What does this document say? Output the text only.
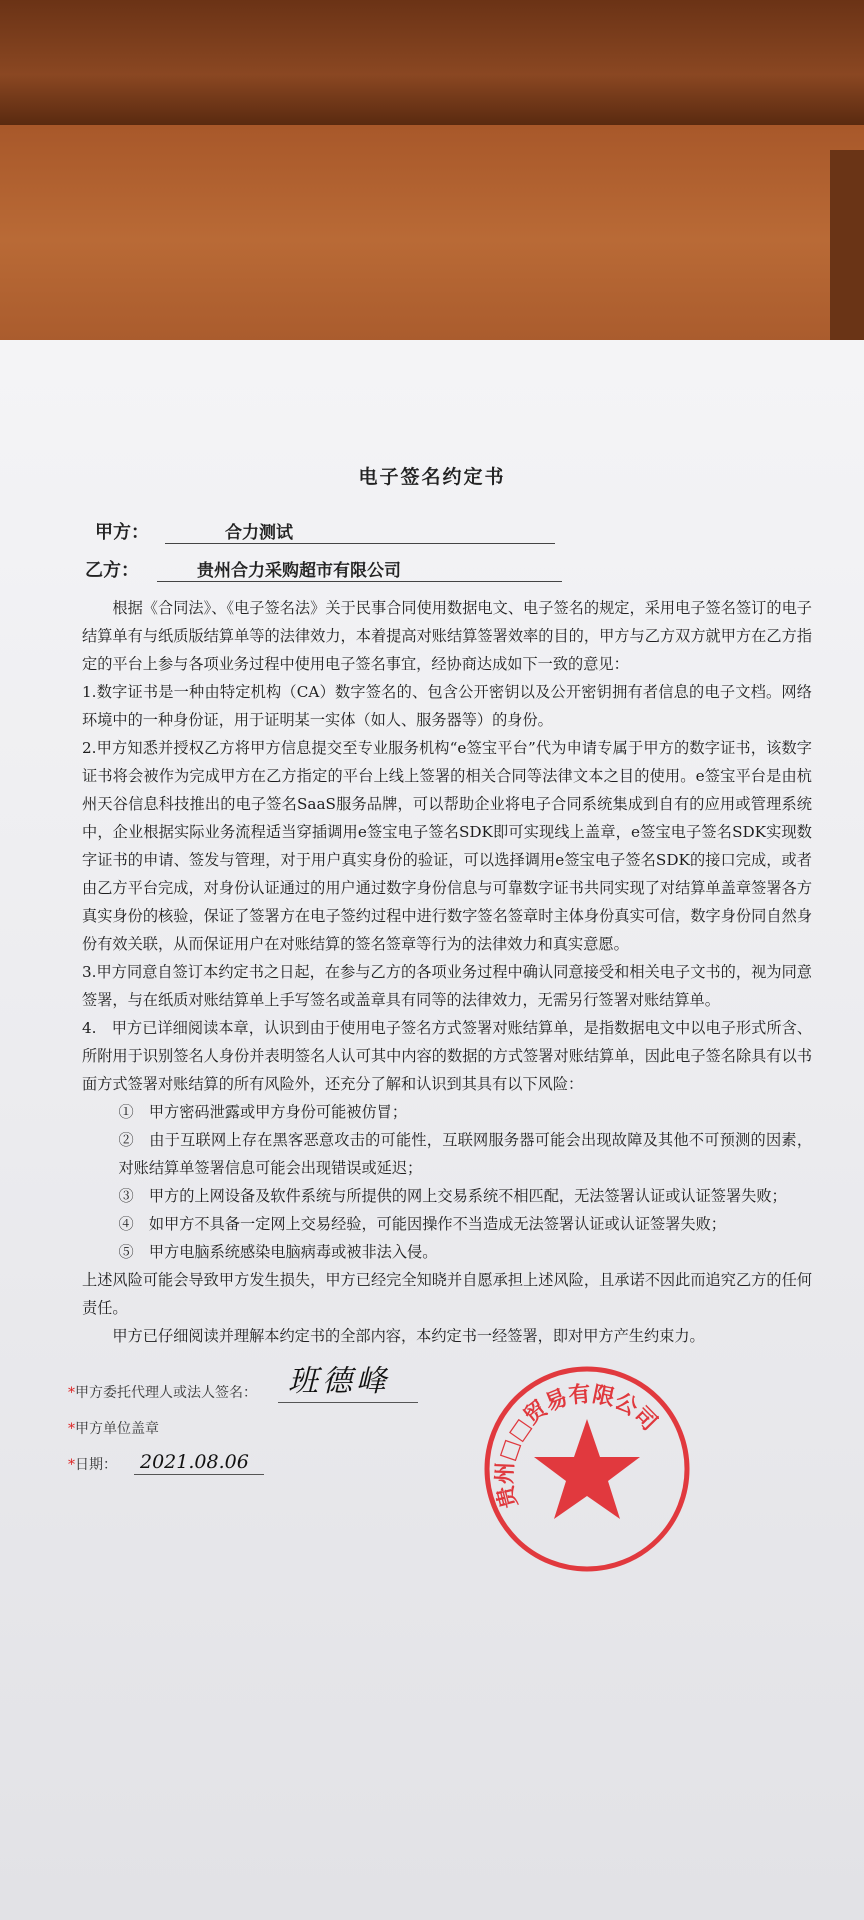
电子签名约定书
甲方：	合力测试
乙方：	贵州合力采购超市有限公司

根据《合同法》、《电子签名法》关于民事合同使用数据电文、电子签名的规定，采用电子签名签订的电子结算单有与纸质版结算单等的法律效力，本着提高对账结算签署效率的目的，甲方与乙方双方就甲方在乙方指定的平台上参与各项业务过程中使用电子签名事宜，经协商达成如下一致的意见：

1.数字证书是一种由特定机构（CA）数字签名的、包含公开密钥以及公开密钥拥有者信息的电子文档。网络环境中的一种身份证，用于证明某一实体（如人、服务器等）的身份。

2.甲方知悉并授权乙方将甲方信息提交至专业服务机构“e签宝平台”代为申请专属于甲方的数字证书，该数字证书将会被作为完成甲方在乙方指定的平台上线上签署的相关合同等法律文本之目的使用。e签宝平台是由杭州天谷信息科技推出的电子签名SaaS服务品牌，可以帮助企业将电子合同系统集成到自有的应用或管理系统中，企业根据实际业务流程适当穿插调用e签宝电子签名SDK即可实现线上盖章，e签宝电子签名SDK实现数字证书的申请、签发与管理，对于用户真实身份的验证，可以选择调用e签宝电子签名SDK的接口完成，或者由乙方平台完成，对身份认证通过的用户通过数字身份信息与可靠数字证书共同实现了对结算单盖章签署各方真实身份的核验，保证了签署方在电子签约过程中进行数字签名签章时主体身份真实可信，数字身份同自然身份有效关联，从而保证用户在对账结算的签名签章等行为的法律效力和真实意愿。

3.甲方同意自签订本约定书之日起，在参与乙方的各项业务过程中确认同意接受和相关电子文书的，视为同意签署，与在纸质对账结算单上手写签名或盖章具有同等的法律效力，无需另行签署对账结算单。

4.　甲方已详细阅读本章，认识到由于使用电子签名方式签署对账结算单，是指数据电文中以电子形式所含、所附用于识别签名人身份并表明签名人认可其中内容的数据的方式签署对账结算单，因此电子签名除具有以书面方式签署对账结算的所有风险外，还充分了解和认识到其具有以下风险：

①　甲方密码泄露或甲方身份可能被仿冒；

②　由于互联网上存在黑客恶意攻击的可能性，互联网服务器可能会出现故障及其他不可预测的因素，对账结算单签署信息可能会出现错误或延迟；

③　甲方的上网设备及软件系统与所提供的网上交易系统不相匹配，无法签署认证或认证签署失败；

④　如甲方不具备一定网上交易经验，可能因操作不当造成无法签署认证或认证签署失败；

⑤　甲方电脑系统感染电脑病毒或被非法入侵。

上述风险可能会导致甲方发生损失，甲方已经完全知晓并自愿承担上述风险，且承诺不因此而追究乙方的任何责任。

甲方已仔细阅读并理解本约定书的全部内容，本约定书一经签署，即对甲方产生约束力。

*甲方委托代理人或法人签名： 班德峰
*甲方单位盖章
*日期： 2021.08.06
贵州□□贸易有限公司
